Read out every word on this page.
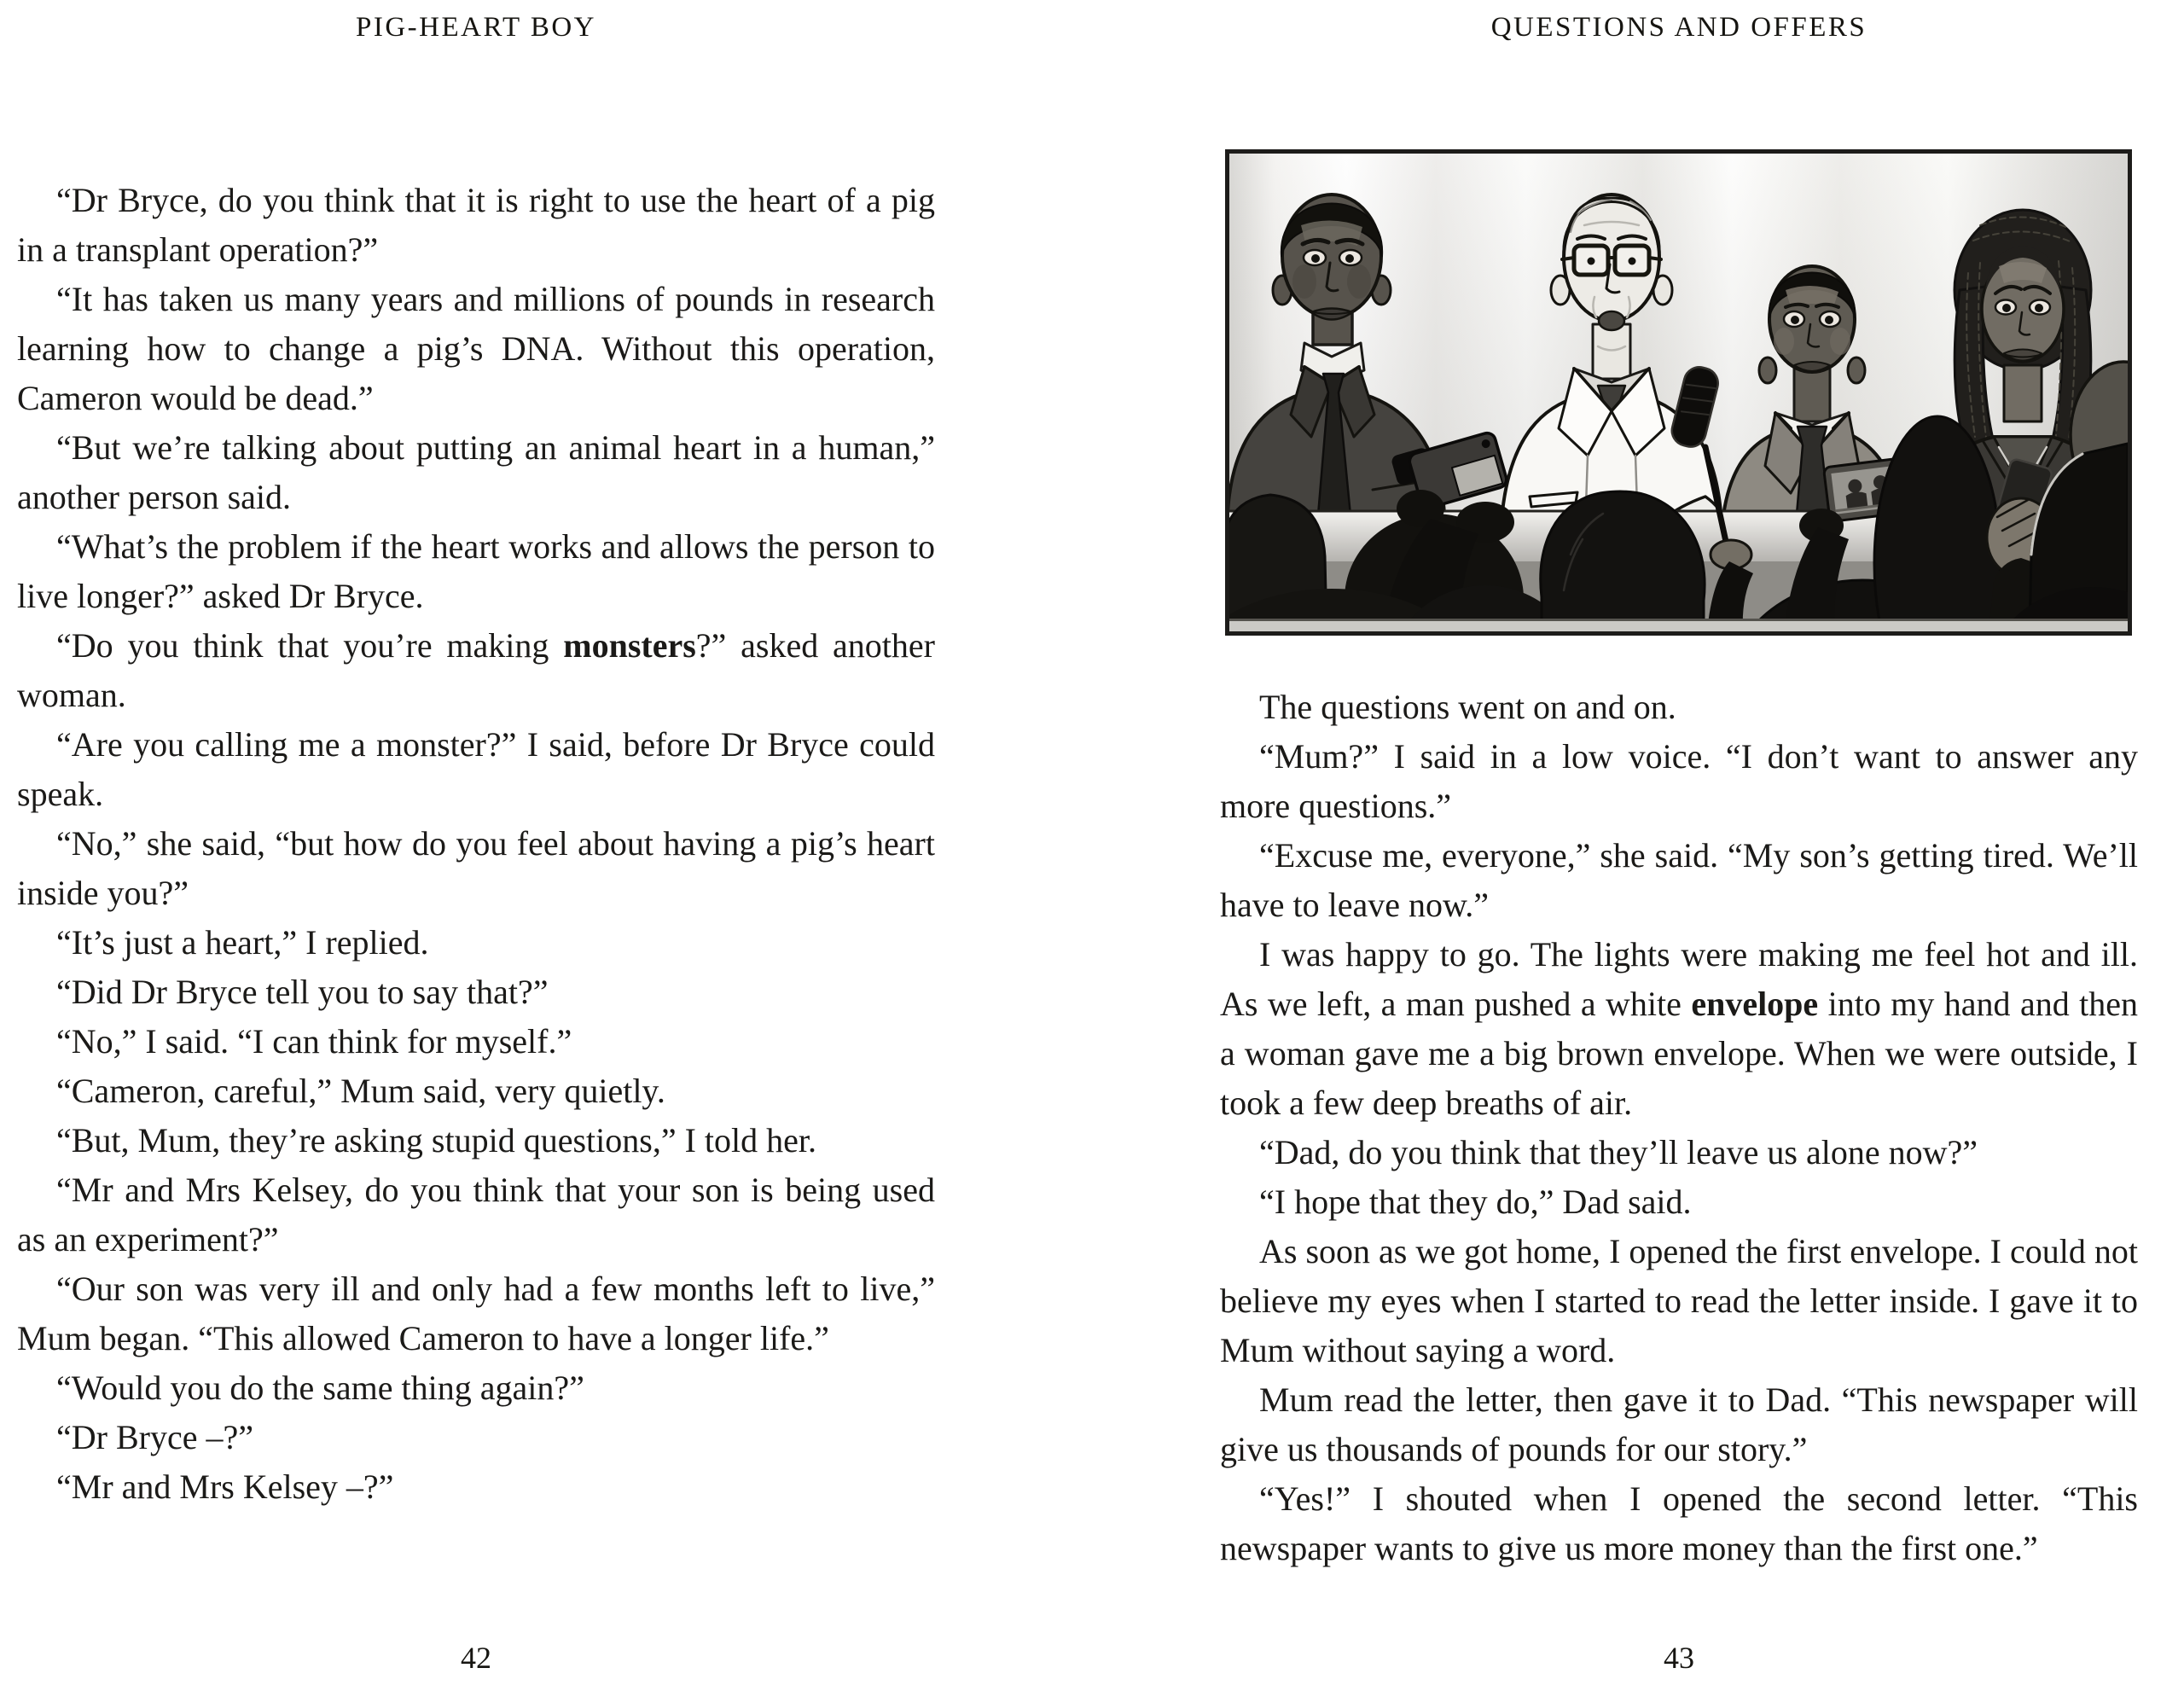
PIG-HEART BOY

“Dr Bryce, do you think that it is right to use the heart of a pig in a transplant operation?”

“It has taken us many years and millions of pounds in research learning how to change a pig’s DNA. Without this operation, Cameron would be dead.”

“But we’re talking about putting an animal heart in a human,” another person said.

“What’s the problem if the heart works and allows the person to live longer?” asked Dr Bryce.

“Do you think that you’re making monsters?” asked another woman.

“Are you calling me a monster?” I said, before Dr Bryce could speak.

“No,” she said, “but how do you feel about having a pig’s heart inside you?”

“It’s just a heart,” I replied.

“Did Dr Bryce tell you to say that?”

“No,” I said. “I can think for myself.”

“Cameron, careful,” Mum said, very quietly.

“But, Mum, they’re asking stupid questions,” I told her.

“Mr and Mrs Kelsey, do you think that your son is being used as an experiment?”

“Our son was very ill and only had a few months left to live,” Mum began. “This allowed Cameron to have a longer life.”

“Would you do the same thing again?”

“Dr Bryce –?”

“Mr and Mrs Kelsey –?”

42
QUESTIONS AND OFFERS

The questions went on and on.

“Mum?” I said in a low voice. “I don’t want to answer any more questions.”

“Excuse me, everyone,” she said. “My son’s getting tired. We’ll have to leave now.”

I was happy to go. The lights were making me feel hot and ill. As we left, a man pushed a white envelope into my hand and then a woman gave me a big brown envelope. When we were outside, I took a few deep breaths of air.

“Dad, do you think that they’ll leave us alone now?”

“I hope that they do,” Dad said.

As soon as we got home, I opened the first envelope. I could not believe my eyes when I started to read the letter inside. I gave it to Mum without saying a word.

Mum read the letter, then gave it to Dad. “This newspaper will give us thousands of pounds for our story.”

“Yes!” I shouted when I opened the second letter. “This newspaper wants to give us more money than the first one.”

43
